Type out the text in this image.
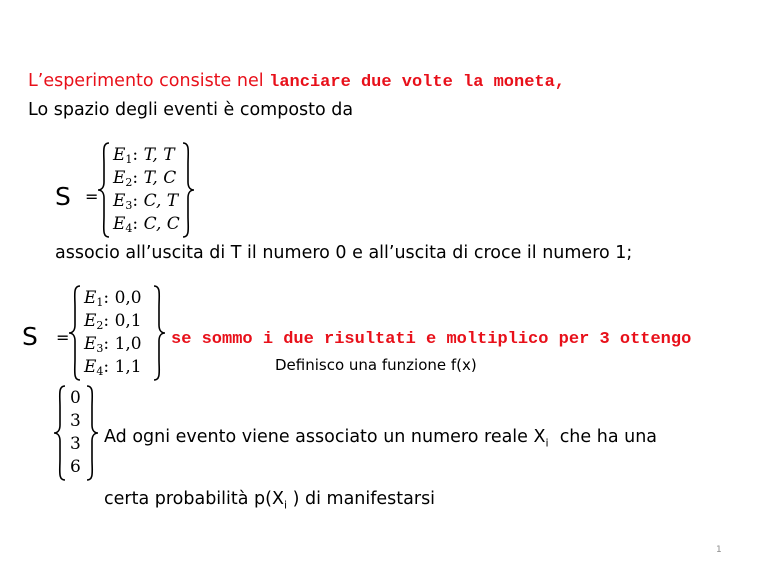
L’esperimento consiste nel lanciare due volte la moneta,
Lo spazio degli eventi è composto da
S =
$E_1$: T, T
$E_2$: T, C
$E_3$: C, T
$E_4$: C, C
associo all’uscita di T il numero 0 e all’uscita di croce il numero 1;
S =
$E_1$: 0,0
$E_2$: 0,1
$E_3$: 1,0
$E_4$: 1,1
se sommo i due risultati e moltiplico per 3 ottengo
Definisco una funzione f(x)
0
3
3
6
Ad ogni evento viene associato un numero reale $X_i$  che ha una
certa probabilità $p(X_i$ ) di manifestarsi
1
